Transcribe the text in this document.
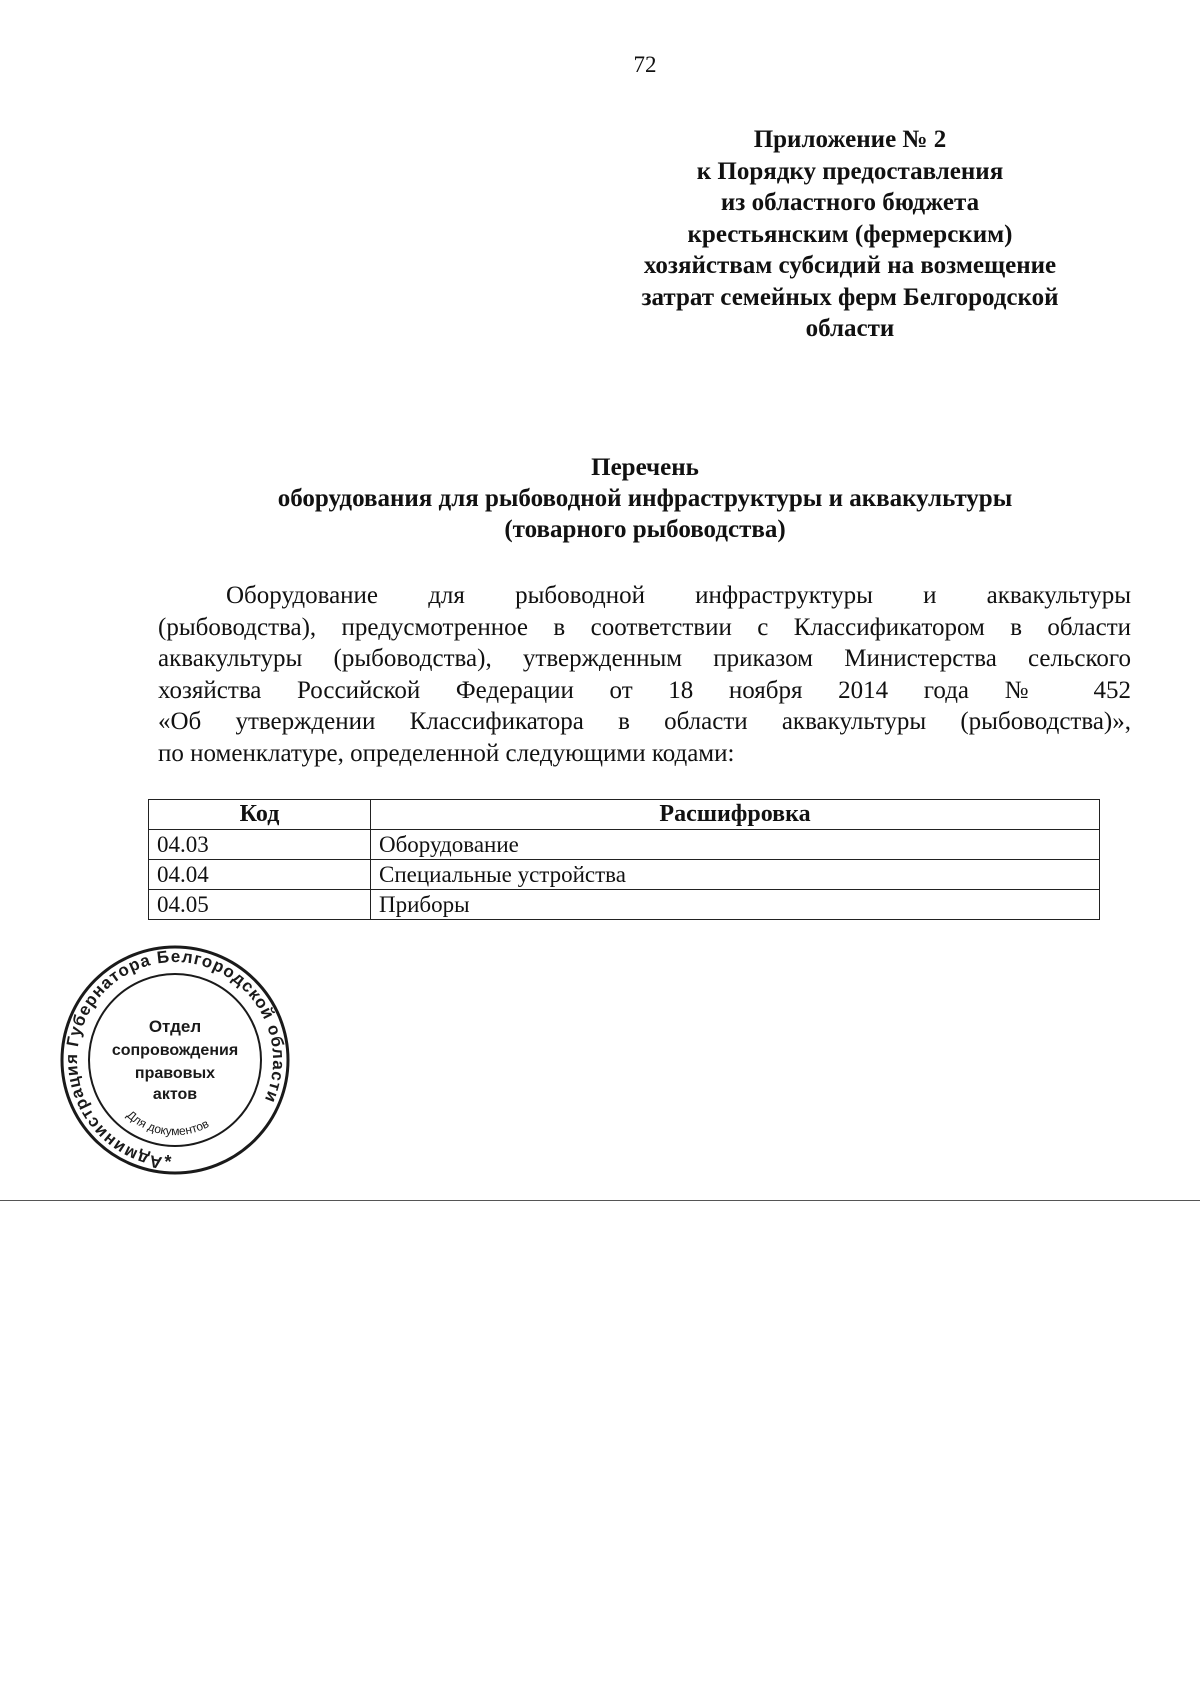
72
Приложение № 2
к Порядку предоставления
из областного бюджета
крестьянским (фермерским)
хозяйствам субсидий на возмещение
затрат семейных ферм Белгородской
области
Перечень
оборудования для рыбоводной инфраструктуры и аквакультуры
(товарного рыбоводства)
Оборудование для рыбоводной инфраструктуры и аквакультуры
(рыбоводства), предусмотренное в соответствии с Классификатором в области
аквакультуры (рыбоводства), утвержденным приказом Министерства сельского
хозяйства Российской Федерации от 18 ноября 2014 года № 452
«Об утверждении Классификатора в области аквакультуры (рыбоводства)»,
по номенклатуре, определенной следующими кодами:
Код	Расшифровка
04.03	Оборудование
04.04	Специальные устройства
04.05	Приборы
Администрация Губернатора Белгородской области
Для документов
Отдел
сопровождения
правовых
актов
*
